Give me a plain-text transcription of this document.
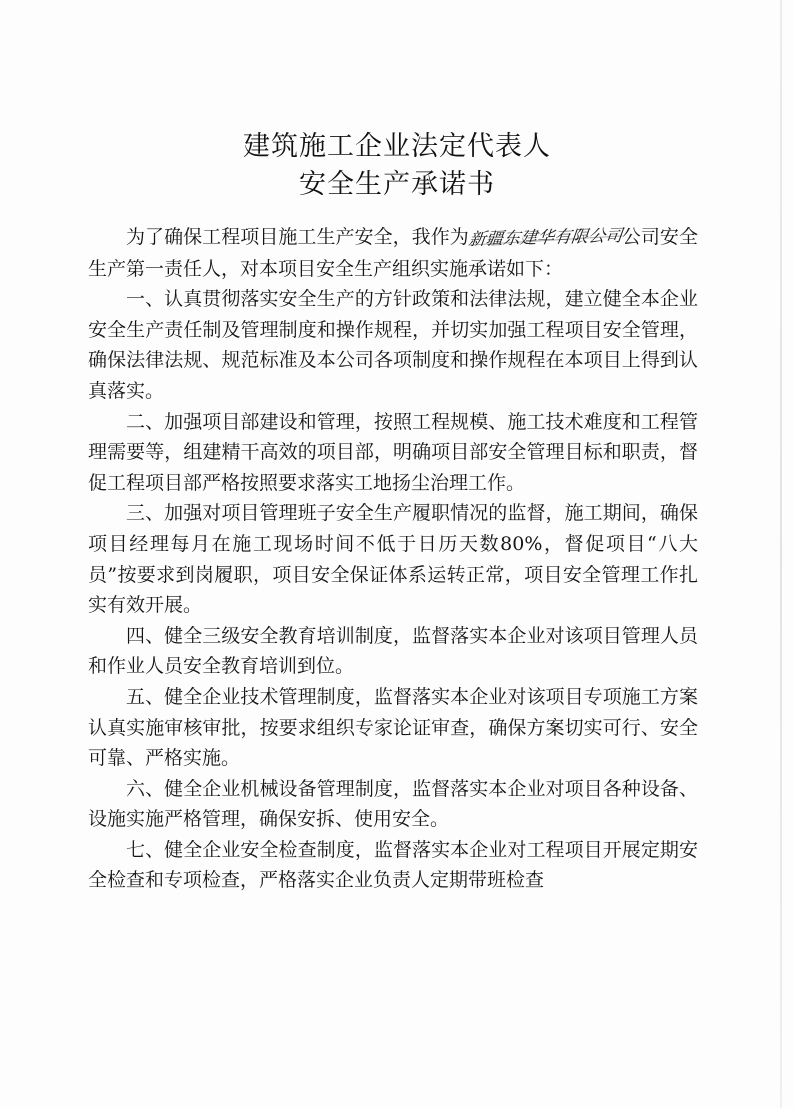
建筑施工企业法定代表人
安全生产承诺书

为了确保工程项目施工生产安全，我作为新疆东建华有限公司公司安全生产第一责任人，对本项目安全生产组织实施承诺如下：

一、认真贯彻落实安全生产的方针政策和法律法规，建立健全本企业安全生产责任制及管理制度和操作规程，并切实加强工程项目安全管理，确保法律法规、规范标准及本公司各项制度和操作规程在本项目上得到认真落实。

二、加强项目部建设和管理，按照工程规模、施工技术难度和工程管理需要等，组建精干高效的项目部，明确项目部安全管理目标和职责，督促工程项目部严格按照要求落实工地扬尘治理工作。

三、加强对项目管理班子安全生产履职情况的监督，施工期间，确保项目经理每月在施工现场时间不低于日历天数80%，督促项目“八大员”按要求到岗履职，项目安全保证体系运转正常，项目安全管理工作扎实有效开展。

四、健全三级安全教育培训制度，监督落实本企业对该项目管理人员和作业人员安全教育培训到位。

五、健全企业技术管理制度，监督落实本企业对该项目专项施工方案认真实施审核审批，按要求组织专家论证审查，确保方案切实可行、安全可靠、严格实施。

六、健全企业机械设备管理制度，监督落实本企业对项目各种设备、设施实施严格管理，确保安拆、使用安全。

七、健全企业安全检查制度，监督落实本企业对工程项目开展定期安全检查和专项检查，严格落实企业负责人定期带班检查
